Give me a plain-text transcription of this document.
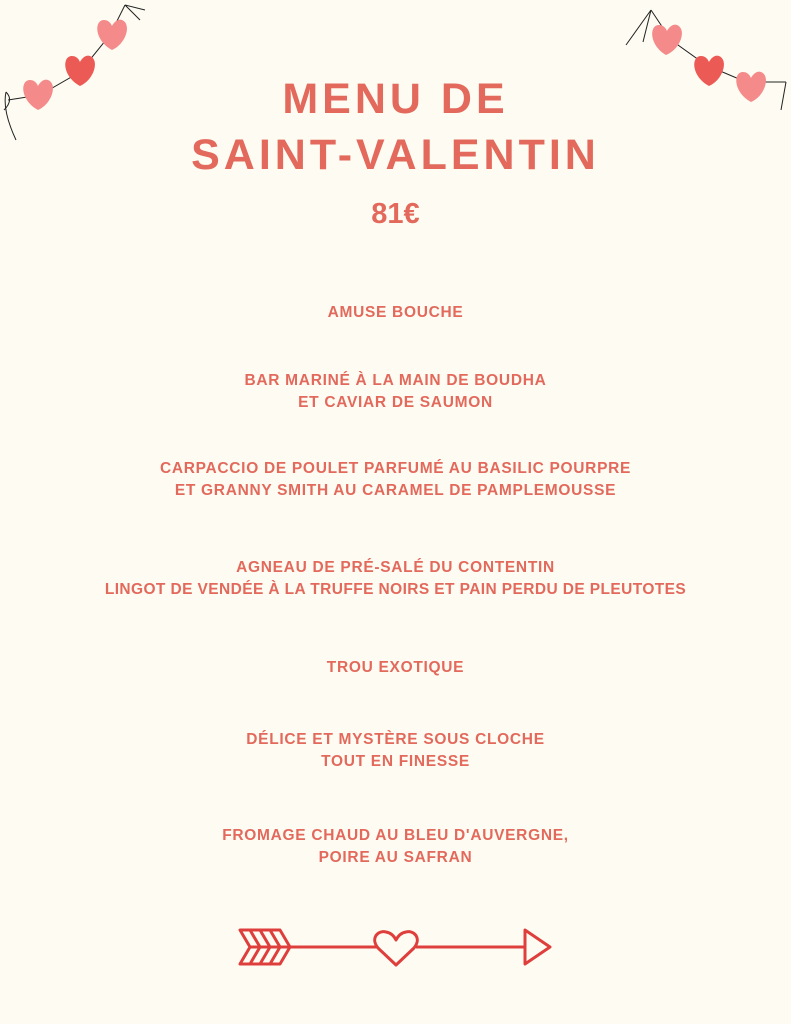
MENU DE
SAINT-VALENTIN
81€
AMUSE BOUCHE
BAR MARINÉ À LA MAIN DE BOUDHA
ET CAVIAR DE SAUMON
CARPACCIO DE POULET PARFUMÉ AU BASILIC POURPRE
ET GRANNY SMITH AU CARAMEL DE PAMPLEMOUSSE
AGNEAU DE PRÉ-SALÉ DU CONTENTIN
LINGOT DE VENDÉE À LA TRUFFE NOIRS ET PAIN PERDU DE PLEUTOTES
TROU EXOTIQUE
DÉLICE ET MYSTÈRE SOUS CLOCHE
TOUT EN FINESSE
FROMAGE CHAUD AU BLEU D'AUVERGNE,
POIRE AU SAFRAN
